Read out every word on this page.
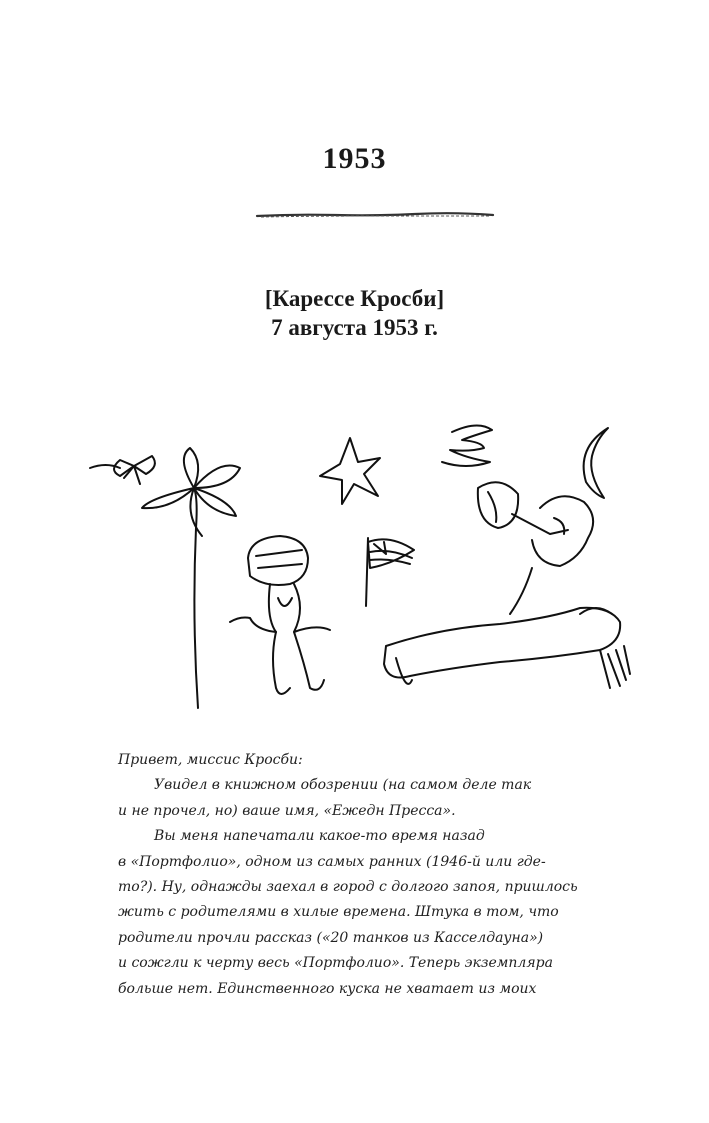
1953
[Карессе Кросби]
7 августа 1953 г.
Привет, миссис Кросби:
Увидел в книжном обозрении (на самом деле так
и не прочел, но) ваше имя, «Ежедн Пресса».
Вы меня напечатали какое-то время назад
в «Портфолио», одном из самых ранних (1946-й или где-
то?). Ну, однажды заехал в город с долгого запоя, пришлось
жить с родителями в хилые времена. Штука в том, что
родители прочли рассказ («20 танков из Касселдауна»)
и сожгли к черту весь «Портфолио». Теперь экземпляра
больше нет. Единственного куска не хватает из моих
